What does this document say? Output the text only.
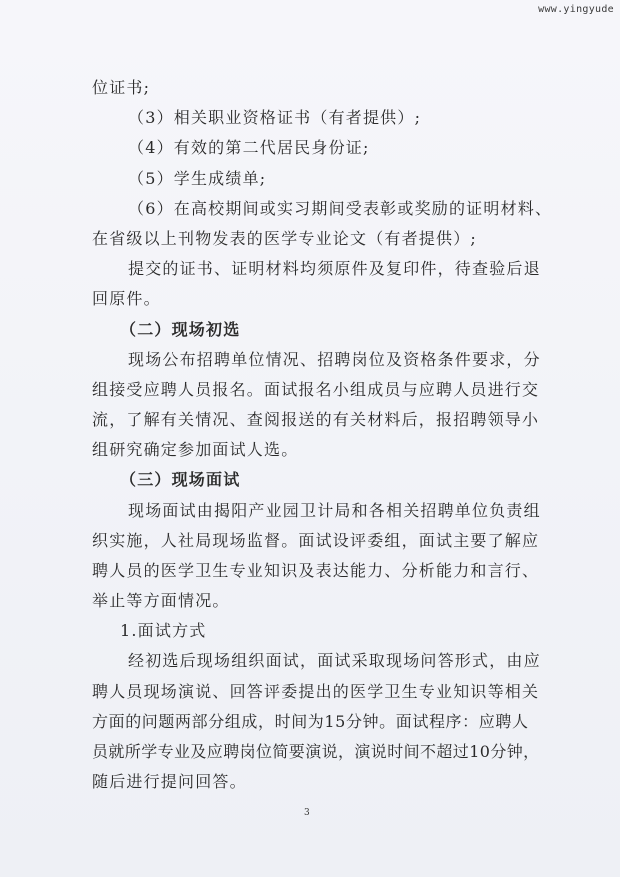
www.yingyude
位证书;
（3）相关职业资格证书（有者提供）;
（4）有效的第二代居民身份证;
（5）学生成绩单;
（6）在高校期间或实习期间受表彰或奖励的证明材料、
在省级以上刊物发表的医学专业论文（有者提供）;
提交的证书、证明材料均须原件及复印件，待查验后退
回原件。
（二）现场初选
现场公布招聘单位情况、招聘岗位及资格条件要求，分
组接受应聘人员报名。面试报名小组成员与应聘人员进行交
流，了解有关情况、查阅报送的有关材料后，报招聘领导小
组研究确定参加面试人选。
（三）现场面试
现场面试由揭阳产业园卫计局和各相关招聘单位负责组
织实施，人社局现场监督。面试设评委组，面试主要了解应
聘人员的医学卫生专业知识及表达能力、分析能力和言行、
举止等方面情况。
1.面试方式
经初选后现场组织面试，面试采取现场问答形式，由应
聘人员现场演说、回答评委提出的医学卫生专业知识等相关
方面的问题两部分组成，时间为15分钟。面试程序：应聘人
员就所学专业及应聘岗位简要演说，演说时间不超过10分钟，
随后进行提问回答。
3
